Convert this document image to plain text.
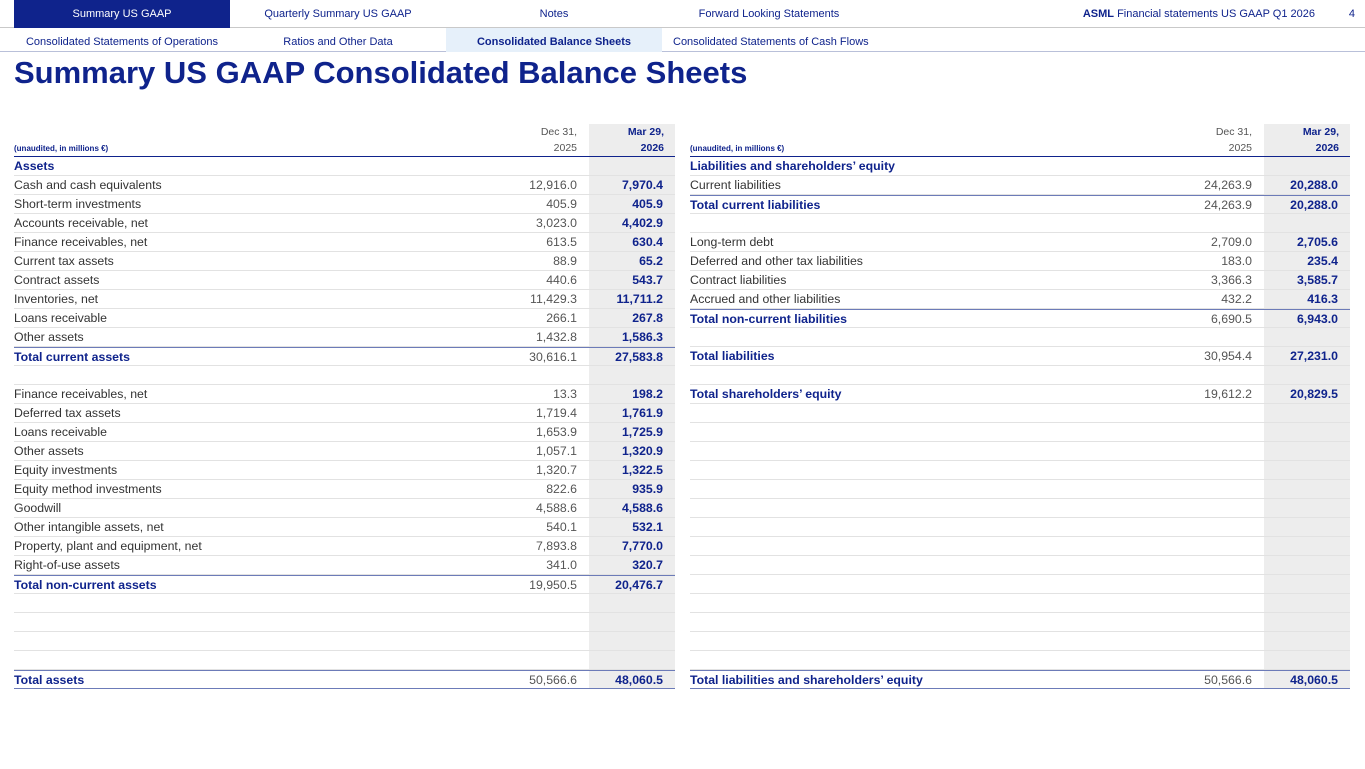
Summary US GAAP	Quarterly Summary US GAAP	Notes	Forward Looking Statements	ASML Financial statements US GAAP Q1 2026	4
Consolidated Statements of Operations	Ratios and Other Data	Consolidated Balance Sheets	Consolidated Statements of Cash Flows
Summary US GAAP Consolidated Balance Sheets
(unaudited, in millions €)
Dec 31,
2025
Mar 29,
2026
Assets
Cash and cash equivalents	12,916.0	7,970.4
Short-term investments	405.9	405.9
Accounts receivable, net	3,023.0	4,402.9
Finance receivables, net	613.5	630.4
Current tax assets	88.9	65.2
Contract assets	440.6	543.7
Inventories, net	11,429.3	11,711.2
Loans receivable	266.1	267.8
Other assets	1,432.8	1,586.3
Total current assets	30,616.1	27,583.8
Finance receivables, net	13.3	198.2
Deferred tax assets	1,719.4	1,761.9
Loans receivable	1,653.9	1,725.9
Other assets	1,057.1	1,320.9
Equity investments	1,320.7	1,322.5
Equity method investments	822.6	935.9
Goodwill	4,588.6	4,588.6
Other intangible assets, net	540.1	532.1
Property, plant and equipment, net	7,893.8	7,770.0
Right-of-use assets	341.0	320.7
Total non-current assets	19,950.5	20,476.7
Total assets	50,566.6	48,060.5
(unaudited, in millions €)
Dec 31,
2025
Mar 29,
2026
Liabilities and shareholders’ equity
Current liabilities	24,263.9	20,288.0
Total current liabilities	24,263.9	20,288.0
Long-term debt	2,709.0	2,705.6
Deferred and other tax liabilities	183.0	235.4
Contract liabilities	3,366.3	3,585.7
Accrued and other liabilities	432.2	416.3
Total non-current liabilities	6,690.5	6,943.0
Total liabilities	30,954.4	27,231.0
Total shareholders’ equity	19,612.2	20,829.5
Total liabilities and shareholders’ equity	50,566.6	48,060.5
